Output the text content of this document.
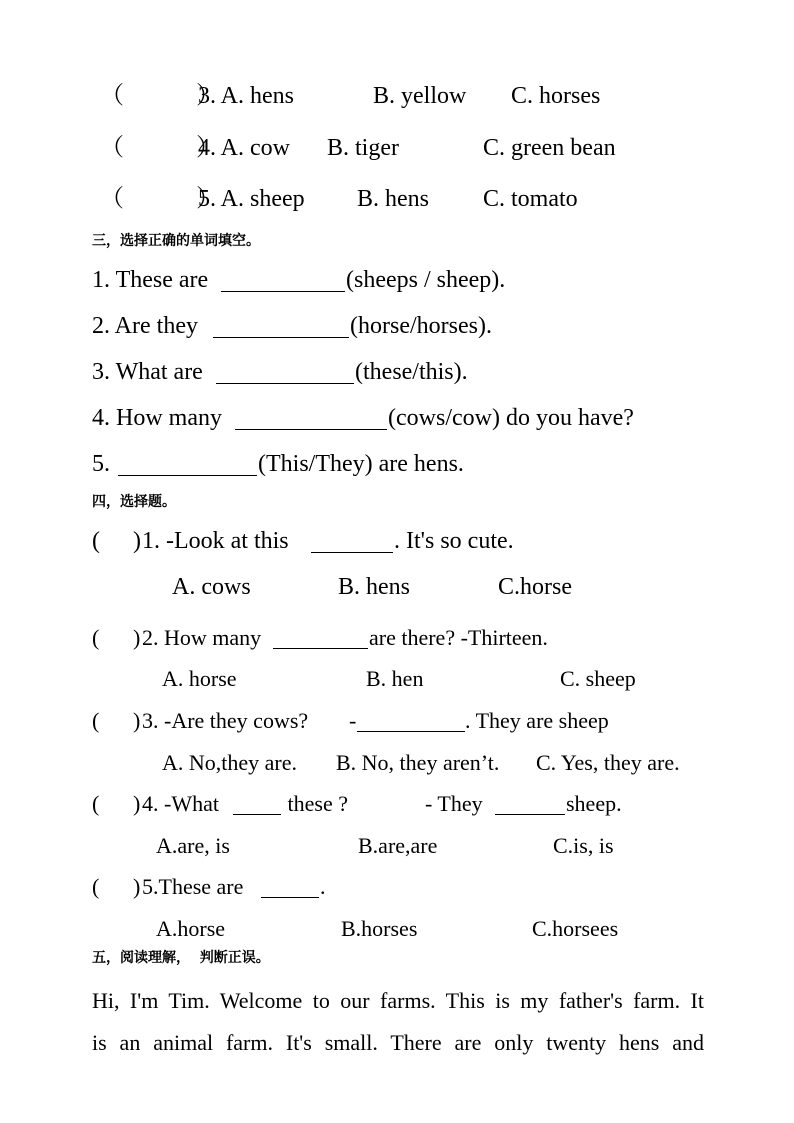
（　　　）
3. A. hens	B. yellow C. horses
（　　　）
4. A. cow B. tiger	C. green bean
（　　　）
5. A. sheep B. hens C. tomato
三，选择正确的单词填空。
1. These are	(sheeps / sheep).
2. Are they	(horse/horses).
3. What are	(these/this).
4. How many	(cows/cow) do you have?
5.	(This/They) are hens.
四，选择题。
( ) 1. -Look at this	. It's so cute.
A. cows	B. hens	C.horse
( ) 2. How many	are there? -Thirteen.
A. horse	B. hen	C. sheep
( ) 3. -Are they cows? -	. They are sheep
A. No,they are. B. No, they aren’t. C. Yes, they are.
( ) 4. -What	these ?	- They	sheep.
A.are, is	B.are,are	C.is, is
( ) 5.These are	.
A.horse	B.horses	C.horsees
五，阅读理解，  判断正误。
Hi, I'm Tim. Welcome to our farms. This is my father's farm. It
is an animal farm. It's small. There are only twenty hens and
